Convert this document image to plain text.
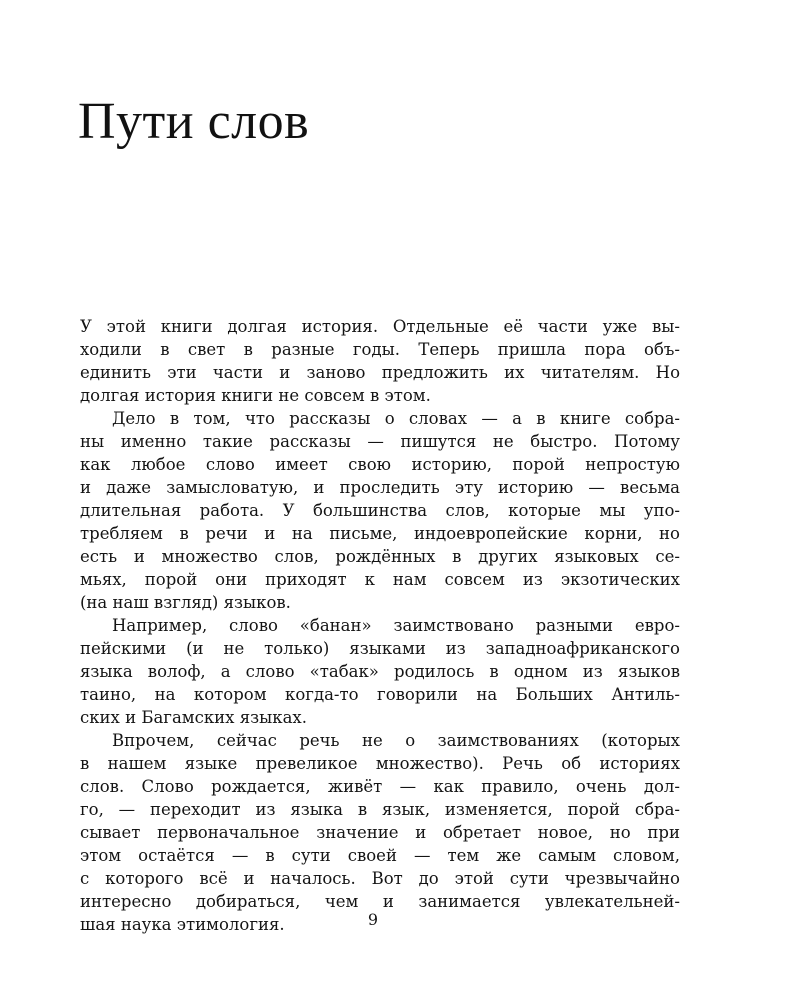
Пути слов
У этой книги долгая история. Отдельные её части уже вы-
ходили в свет в разные годы. Теперь пришла пора объ-
единить эти части и заново предложить их читателям. Но
долгая история книги не совсем в этом.
Дело в том, что рассказы о словах — а в книге собра-
ны именно такие рассказы — пишутся не быстро. Потому
как любое слово имеет свою историю, порой непростую
и даже замысловатую, и проследить эту историю — весьма
длительная работа. У большинства слов, которые мы упо-
требляем в речи и на письме, индоевропейские корни, но
есть и множество слов, рождённых в других языковых се-
мьях, порой они приходят к нам совсем из экзотических
(на наш взгляд) языков.
Например, слово «банан» заимствовано разными евро-
пейскими (и не только) языками из западноафриканского
языка волоф, а слово «табак» родилось в одном из языков
таино, на котором когда-то говорили на Больших Антиль-
ских и Багамских языках.
Впрочем, сейчас речь не о заимствованиях (которых
в нашем языке превеликое множество). Речь об историях
слов. Слово рождается, живёт — как правило, очень дол-
го, — переходит из языка в язык, изменяется, порой сбра-
сывает первоначальное значение и обретает новое, но при
этом остаётся — в сути своей — тем же самым словом,
с которого всё и началось. Вот до этой сути чрезвычайно
интересно добираться, чем и занимается увлекательней-
шая наука этимология.	9
